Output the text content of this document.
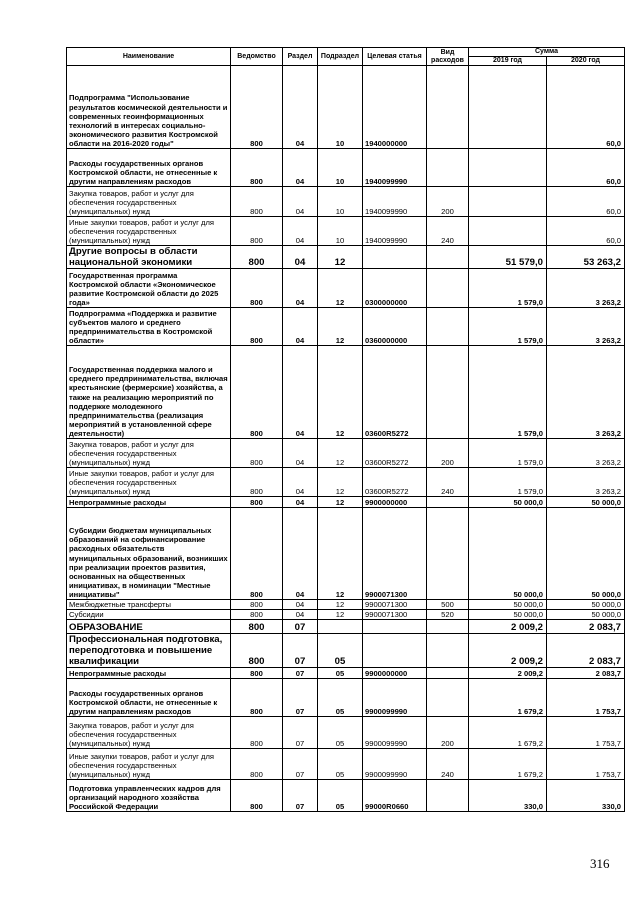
Наименование	Ведомство	Раздел	Подраздел	Целевая статья	Вид расходов	Сумма	
						2019 год	2020 год
Подпрограмма "Использование результатов космической деятельности и современных геоинформационных технологий в интересах социально-экономического развития Костромской области на 2016-2020 годы"	800	04	10	1940000000			60,0
Расходы государственных органов Костромской области, не отнесенные к другим направлениям расходов	800	04	10	1940099990			60,0
Закупка товаров, работ и услуг для обеспечения государственных (муниципальных) нужд	800	04	10	1940099990	200		60,0
Иные закупки товаров, работ и услуг для обеспечения государственных (муниципальных) нужд	800	04	10	1940099990	240		60,0
Другие вопросы в области национальной экономики	800	04	12			51 579,0	53 263,2
Государственная программа Костромской области «Экономическое развитие Костромской области до 2025 года»	800	04	12	0300000000		1 579,0	3 263,2
Подпрограмма «Поддержка и развитие субъектов малого и среднего предпринимательства в Костромской области»	800	04	12	0360000000		1 579,0	3 263,2
Государственная поддержка малого и среднего предпринимательства, включая крестьянские (фермерские) хозяйства, а также на реализацию мероприятий по поддержке молодежного предпринимательства (реализация мероприятий в установленной сфере деятельности)	800	04	12	03600R5272		1 579,0	3 263,2
Закупка товаров, работ и услуг для обеспечения государственных (муниципальных) нужд	800	04	12	03600R5272	200	1 579,0	3 263,2
Иные закупки товаров, работ и услуг для обеспечения государственных (муниципальных) нужд	800	04	12	03600R5272	240	1 579,0	3 263,2
Непрограммные расходы	800	04	12	9900000000		50 000,0	50 000,0
Субсидии бюджетам муниципальных образований на софинансирование расходных обязательств муниципальных образований, возникших при реализации проектов развития, основанных на общественных инициативах, в номинации "Местные инициативы"	800	04	12	9900071300		50 000,0	50 000,0
Межбюджетные трансферты	800	04	12	9900071300	500	50 000,0	50 000,0
Субсидии	800	04	12	9900071300	520	50 000,0	50 000,0
ОБРАЗОВАНИЕ	800	07				2 009,2	2 083,7
Профессиональная подготовка, переподготовка и повышение квалификации	800	07	05			2 009,2	2 083,7
Непрограммные расходы	800	07	05	9900000000		2 009,2	2 083,7
Расходы государственных органов Костромской области, не отнесенные к другим направлениям расходов	800	07	05	9900099990		1 679,2	1 753,7
Закупка товаров, работ и услуг для обеспечения государственных (муниципальных) нужд	800	07	05	9900099990	200	1 679,2	1 753,7
Иные закупки товаров, работ и услуг для обеспечения государственных (муниципальных) нужд	800	07	05	9900099990	240	1 679,2	1 753,7
Подготовка управленческих кадров для организаций народного хозяйства Российской Федерации	800	07	05	99000R0660		330,0	330,0
316
